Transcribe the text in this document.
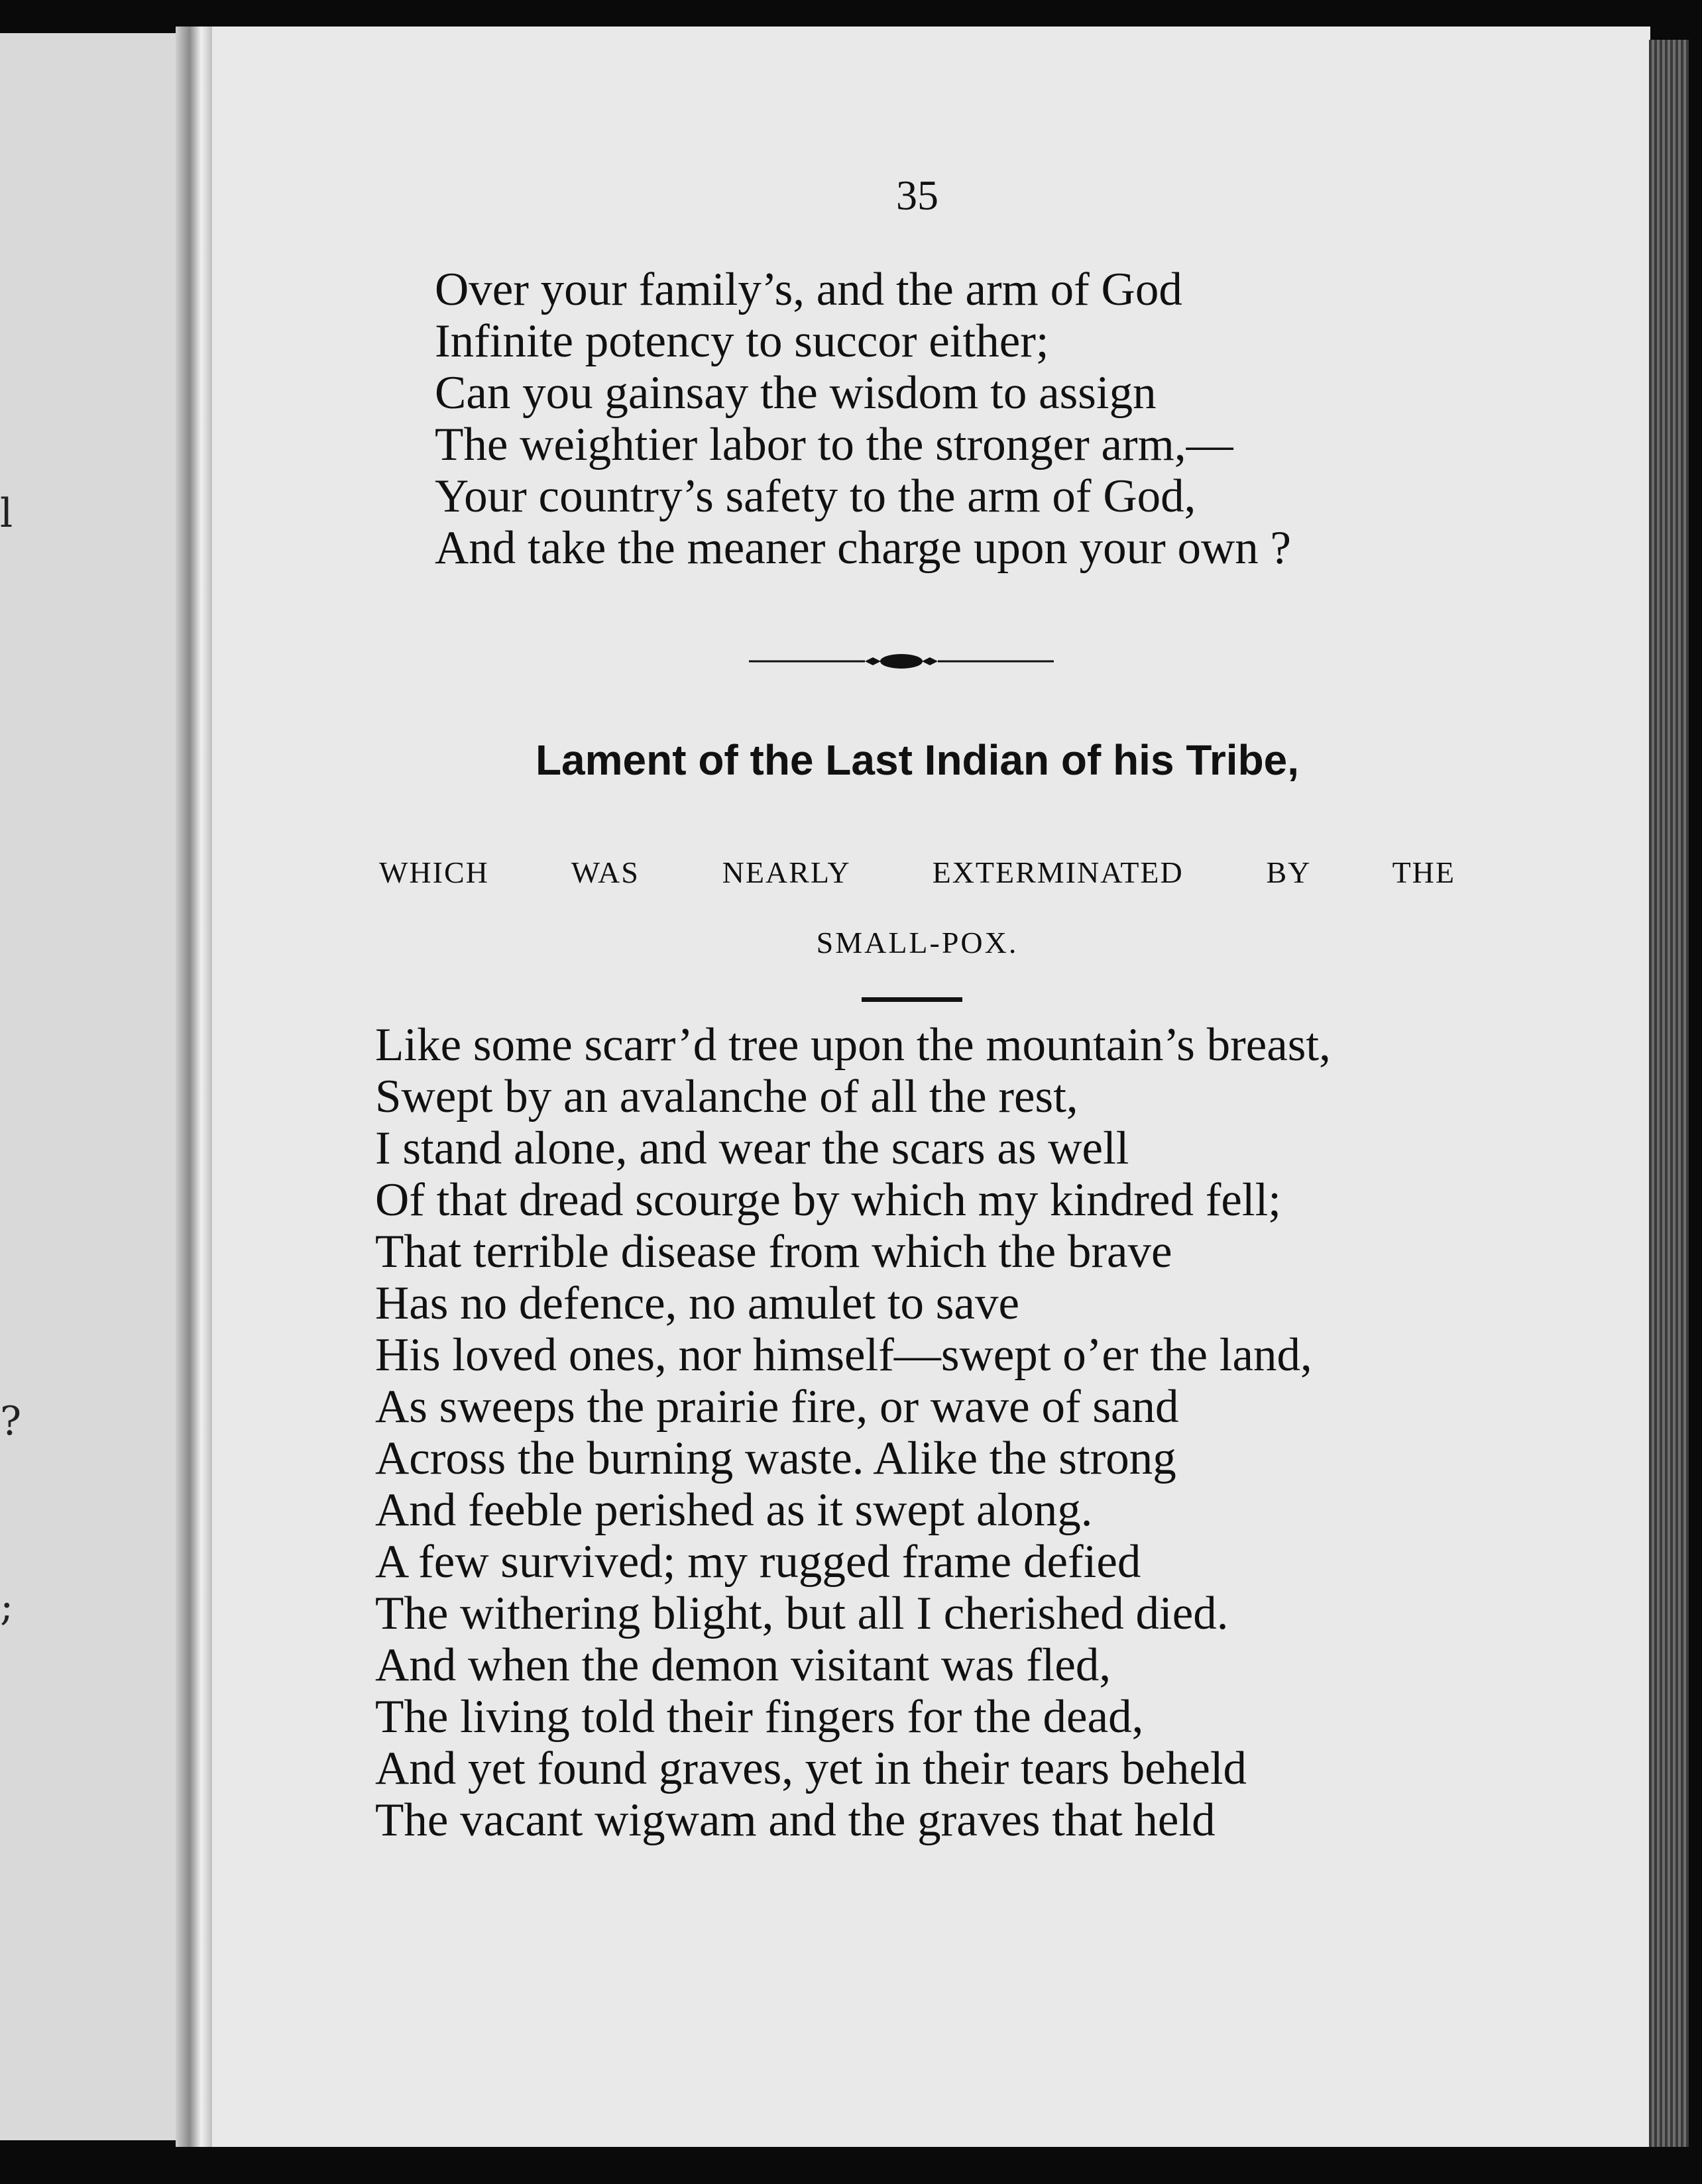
l
?
;
35
Over your family’s, and the arm of God
Infinite potency to succor either;
Can you gainsay the wisdom to assign
The weightier labor to the stronger arm,—
Your country’s safety to the arm of God,
And take the meaner charge upon your own ?
Lament of the Last Indian of his Tribe,
WHICH WAS NEARLY EXTERMINATED BY THE
SMALL-POX.
Like some scarr’d tree upon the mountain’s breast,
Swept by an avalanche of all the rest,
I stand alone, and wear the scars as well
Of that dread scourge by which my kindred fell;
That terrible disease from which the brave
Has no defence, no amulet to save
His loved ones, nor himself—swept o’er the land,
As sweeps the prairie fire, or wave of sand
Across the burning waste. Alike the strong
And feeble perished as it swept along.
A few survived; my rugged frame defied
The withering blight, but all I cherished died.
And when the demon visitant was fled,
The living told their fingers for the dead,
And yet found graves, yet in their tears beheld
The vacant wigwam and the graves that held
